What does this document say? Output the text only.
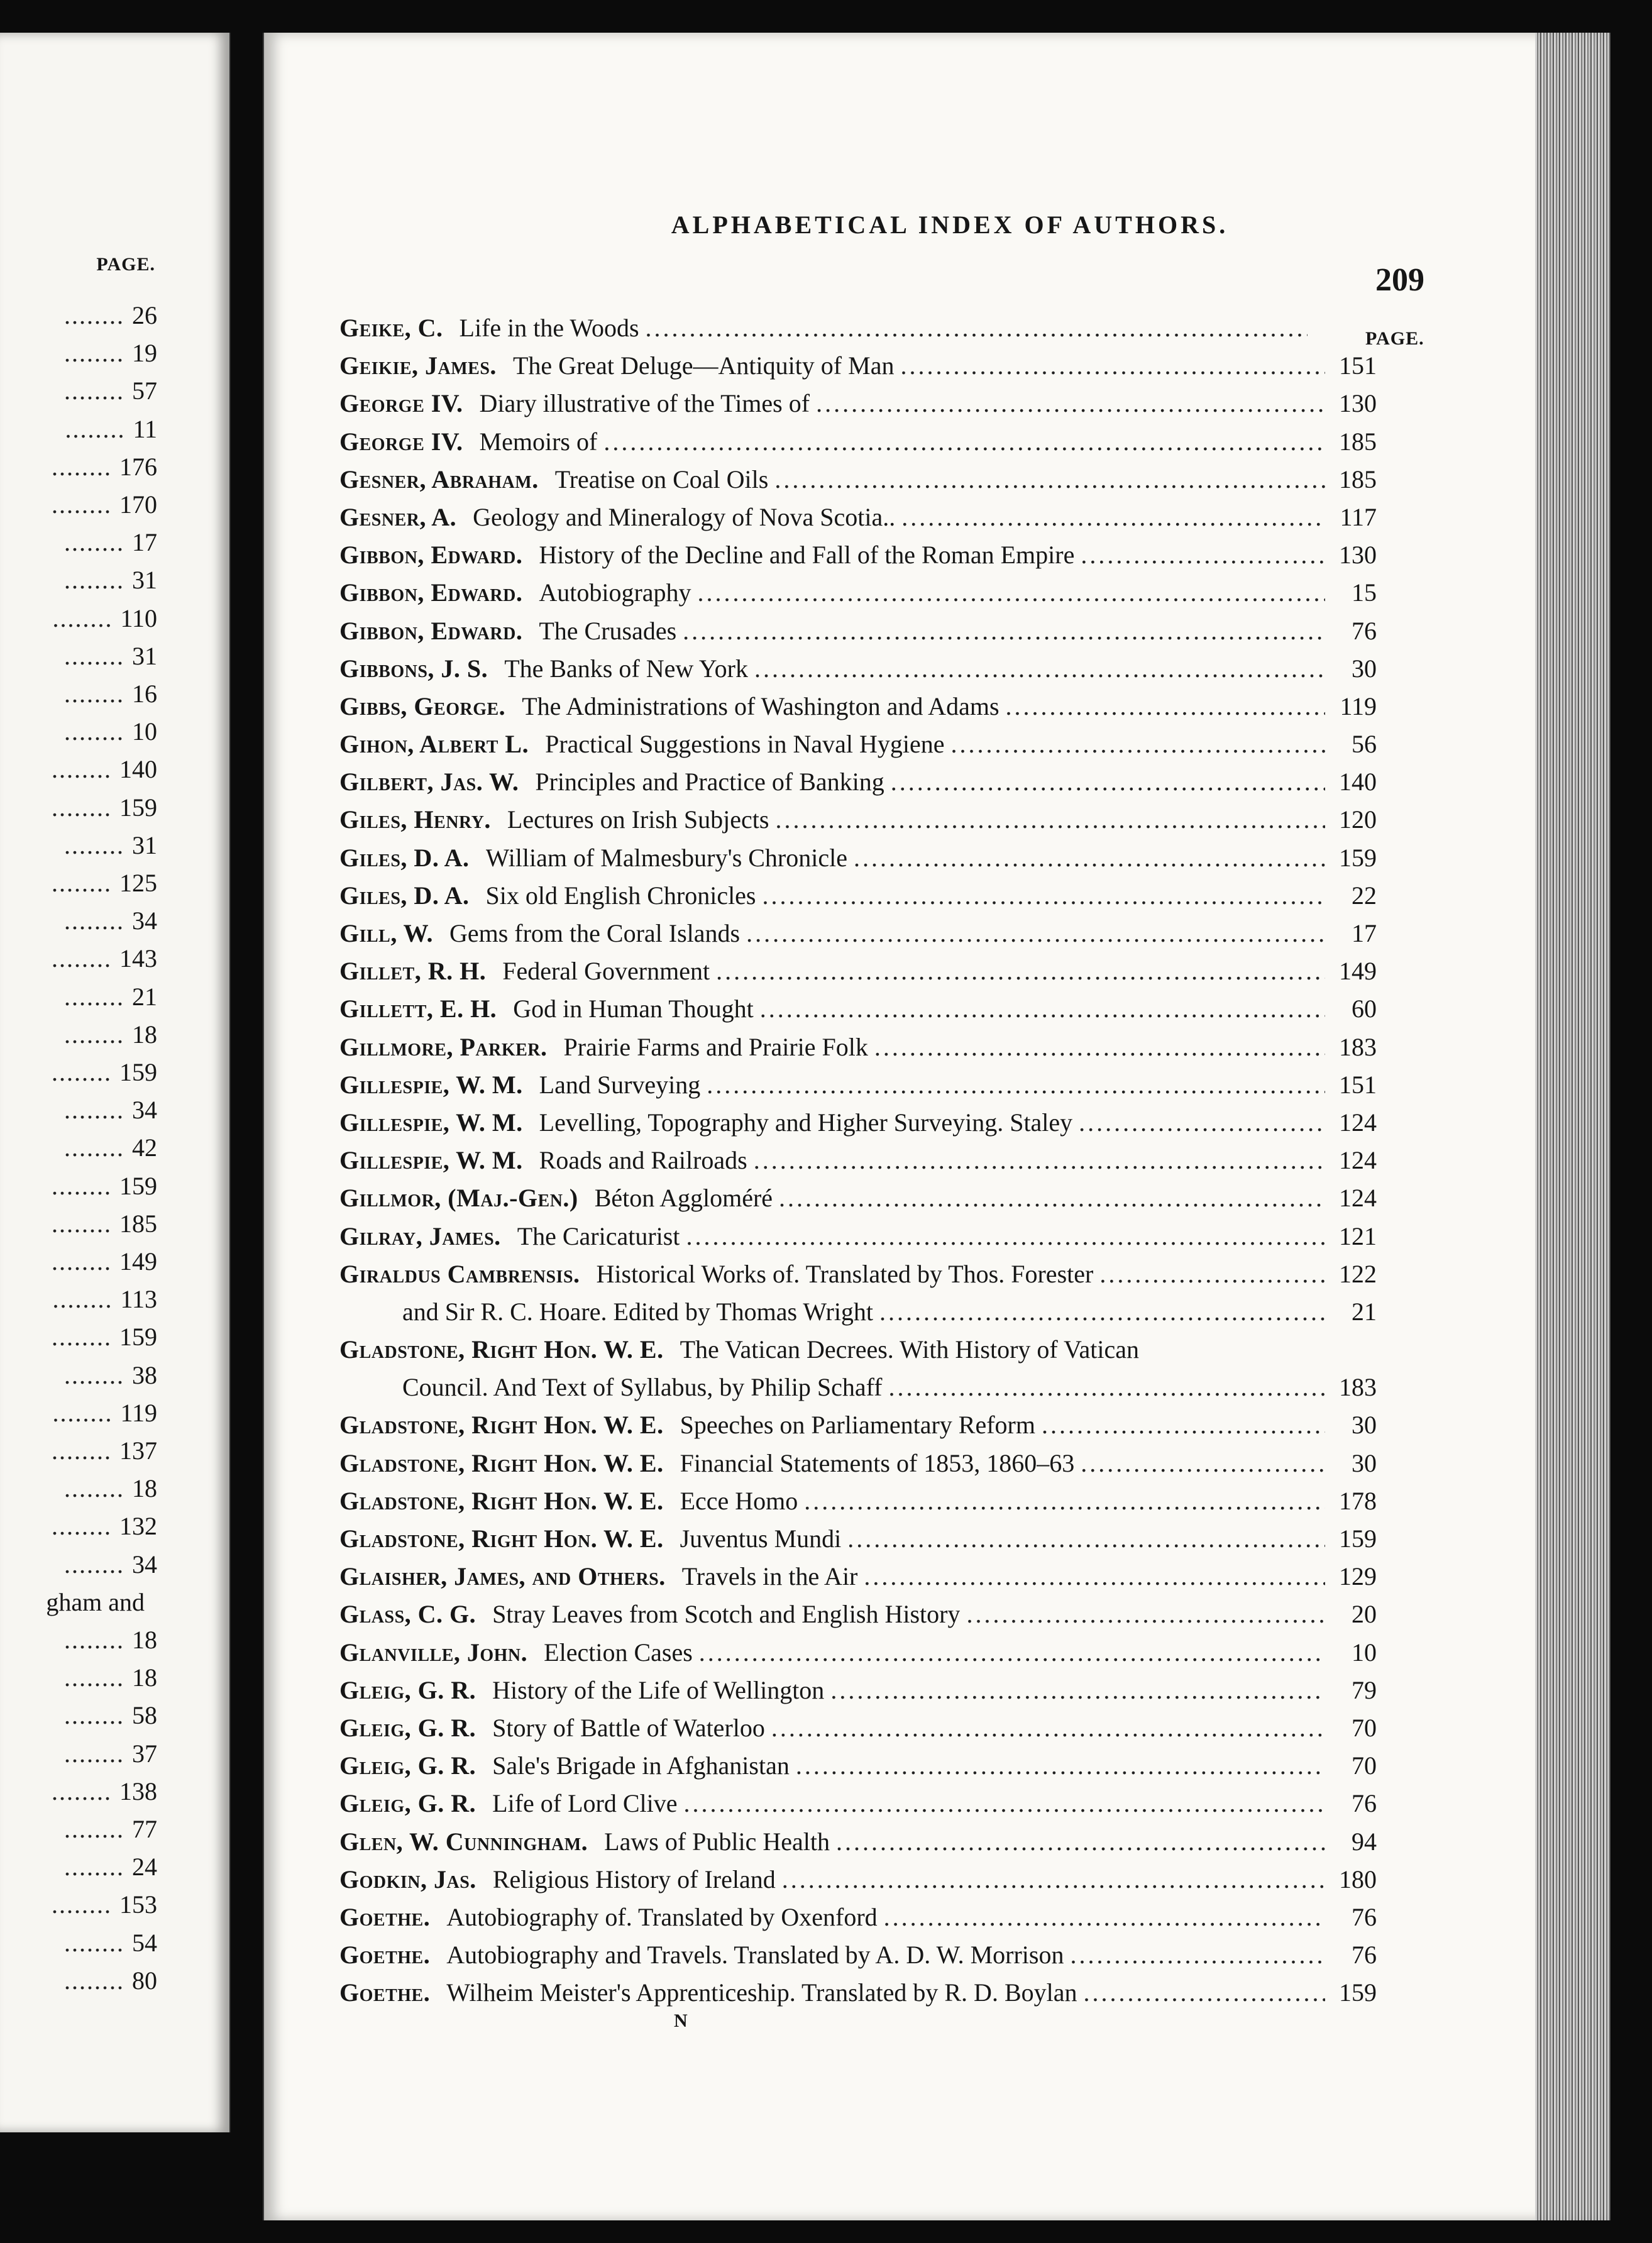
PAGE.
........ 26
........ 19
........ 57
........ 11
........ 176
........ 170
........ 17
........ 31
........ 110
........ 31
........ 16
........ 10
........ 140
........ 159
........ 31
........ 125
........ 34
........ 143
........ 21
........ 18
........ 159
........ 34
........ 42
........ 159
........ 185
........ 149
........ 113
........ 159
........ 38
........ 119
........ 137
........ 18
........ 132
........ 34
gham and
........ 18
........ 18
........ 58
........ 37
........ 138
........ 77
........ 24
........ 153
........ 54
........ 80
ALPHABETICAL INDEX OF AUTHORS.
209
PAGE.
Geike, C. Life in the Woods
.....
Geikie, James. The Great Deluge—Antiquity of Man .....	151
George IV. Diary illustrative of the Times of .....	130
George IV. Memoirs of .....	185
Gesner, Abraham. Treatise on Coal Oils .....	185
Gesner, A. Geology and Mineralogy of Nova Scotia.. .....	117
Gibbon, Edward. History of the Decline and Fall of the Roman Empire .....	130
Gibbon, Edward. Autobiography .....	15
Gibbon, Edward. The Crusades .....	76
Gibbons, J. S. The Banks of New York .....	30
Gibbs, George. The Administrations of Washington and Adams .....	119
Gihon, Albert L. Practical Suggestions in Naval Hygiene .....	56
Gilbert, Jas. W. Principles and Practice of Banking .....	140
Giles, Henry. Lectures on Irish Subjects .....	120
Giles, D. A. William of Malmesbury's Chronicle .....	159
Giles, D. A. Six old English Chronicles .....	22
Gill, W. Gems from the Coral Islands .....	17
Gillet, R. H. Federal Government .....	149
Gillett, E. H. God in Human Thought .....	60
Gillmore, Parker. Prairie Farms and Prairie Folk .....	183
Gillespie, W. M. Land Surveying .....	151
Gillespie, W. M. Levelling, Topography and Higher Surveying. Staley .....	124
Gillespie, W. M. Roads and Railroads .....	124
Gillmor, (Maj.-Gen.) Béton Aggloméré .....	124
Gilray, James. The Caricaturist .....	121
Giraldus Cambrensis. Historical Works of. Translated by Thos. Forester .....	122
and Sir R. C. Hoare. Edited by Thomas Wright .....	21
Gladstone, Right Hon. W. E. The Vatican Decrees. With History of Vatican
Council. And Text of Syllabus, by Philip Schaff .....	183
Gladstone, Right Hon. W. E. Speeches on Parliamentary Reform .....	30
Gladstone, Right Hon. W. E. Financial Statements of 1853, 1860–63 .....	30
Gladstone, Right Hon. W. E. Ecce Homo .....	178
Gladstone, Right Hon. W. E. Juventus Mundi .....	159
Glaisher, James, and Others. Travels in the Air .....	129
Glass, C. G. Stray Leaves from Scotch and English History .....	20
Glanville, John. Election Cases .....	10
Gleig, G. R. History of the Life of Wellington .....	79
Gleig, G. R. Story of Battle of Waterloo .....	70
Gleig, G. R. Sale's Brigade in Afghanistan .....	70
Gleig, G. R. Life of Lord Clive .....	76
Glen, W. Cunningham. Laws of Public Health .....	94
Godkin, Jas. Religious History of Ireland .....	180
Goethe. Autobiography of. Translated by Oxenford .....	76
Goethe. Autobiography and Travels. Translated by A. D. W. Morrison .....	76
Goethe. Wilheim Meister's Apprenticeship. Translated by R. D. Boylan .....	159
N
